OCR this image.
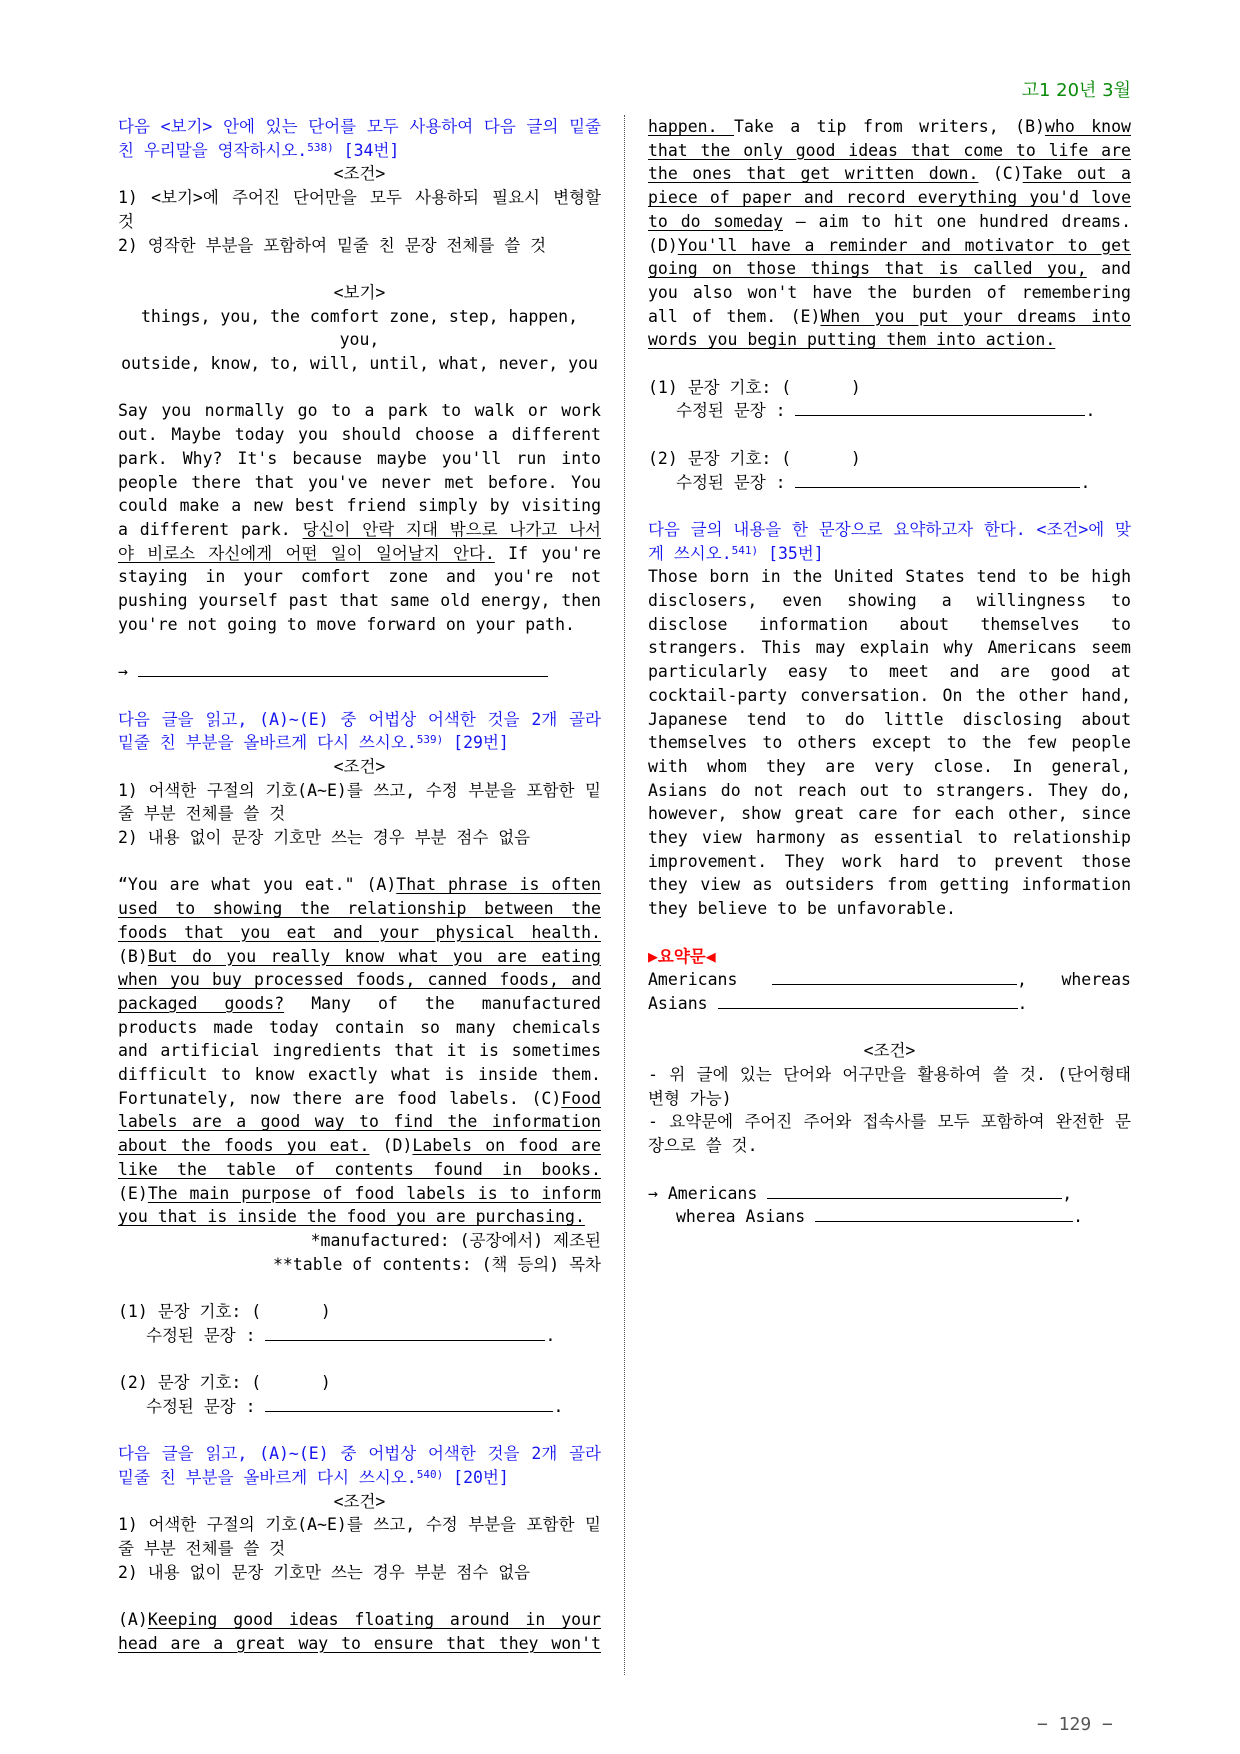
고1 20년 3월
다음 <보기> 안에 있는 단어를 모두 사용하여 다음 글의 밑줄 친 우리말을 영작하시오.$^{538)}$ [34번]
<조건>
1) <보기>에 주어진 단어만을 모두 사용하되 필요시 변형할 것
2) 영작한 부분을 포함하여 밑줄 친 문장 전체를 쓸 것
<보기>
things, you, the comfort zone, step, happen, you,
outside, know, to, will, until, what, never, you
Say you normally go to a park to walk or work out. Maybe today you should choose a different park. Why? It's because maybe you'll run into people there that you've never met before. You could make a new best friend simply by visiting a different park. 당신이 안락 지대 밖으로 나가고 나서야 비로소 자신에게 어떤 일이 일어날지 안다. If you're staying in your comfort zone and you're not pushing yourself past that same old energy, then you're not going to move forward on your path.
→
다음 글을 읽고, (A)~(E) 중 어법상 어색한 것을 2개 골라 밑줄 친 부분을 올바르게 다시 쓰시오.$^{539)}$ [29번]
<조건>
1) 어색한 구절의 기호(A~E)를 쓰고, 수정 부분을 포함한 밑줄 부분 전체를 쓸 것
2) 내용 없이 문장 기호만 쓰는 경우 부분 점수 없음
“You are what you eat." (A)That phrase is often used to showing the relationship between the foods that you eat and your physical health. (B)But do you really know what you are eating when you buy processed foods, canned foods, and packaged goods? Many of the manufactured products made today contain so many chemicals and artificial ingredients that it is sometimes difficult to know exactly what is inside them. Fortunately, now there are food labels. (C)Food labels are a good way to find the information about the foods you eat. (D)Labels on food are like the table of contents found in books. (E)The main purpose of food labels is to inform you that is inside the food you are purchasing.
*manufactured: (공장에서) 제조된
**table of contents: (책 등의) 목차
(1) 문장 기호: (      )
수정된 문장 :	.
(2) 문장 기호: (      )
수정된 문장 :	.
다음 글을 읽고, (A)~(E) 중 어법상 어색한 것을 2개 골라 밑줄 친 부분을 올바르게 다시 쓰시오.$^{540)}$ [20번]
<조건>
1) 어색한 구절의 기호(A~E)를 쓰고, 수정 부분을 포함한 밑줄 부분 전체를 쓸 것
2) 내용 없이 문장 기호만 쓰는 경우 부분 점수 없음
(A)Keeping good ideas floating around in your head are a great way to ensure that they won't happen. Take a tip from writers, (B)who know that the only good ideas that come to life are the ones that get written down. (C)Take out a piece of paper and record everything you'd love to do someday — aim to hit one hundred dreams. (D)You'll have a reminder and motivator to get going on those things that is called you, and you also won't have the burden of remembering all of them. (E)When you put your dreams into words you begin putting them into action.
(1) 문장 기호: (      )
수정된 문장 :	.
(2) 문장 기호: (      )
수정된 문장 :	.
다음 글의 내용을 한 문장으로 요약하고자 한다. <조건>에 맞게 쓰시오.$^{541)}$ [35번]
Those born in the United States tend to be high disclosers, even showing a willingness to disclose information about themselves to strangers. This may explain why Americans seem particularly easy to meet and are good at cocktail-party conversation. On the other hand, Japanese tend to do little disclosing about themselves to others except to the few people with whom they are very close. In general, Asians do not reach out to strangers. They do, however, show great care for each other, since they view harmony as essential to relationship improvement. They work hard to prevent those they view as outsiders from getting information they believe to be unfavorable.
▶요약문◀
Americans	, whereas
Asians	.
<조건>
- 위 글에 있는 단어와 어구만을 활용하여 쓸 것. (단어형태 변형 가능)
- 요약문에 주어진 주어와 접속사를 모두 포함하여 완전한 문장으로 쓸 것.
→ Americans	,
wherea Asians	.
− 129 −
